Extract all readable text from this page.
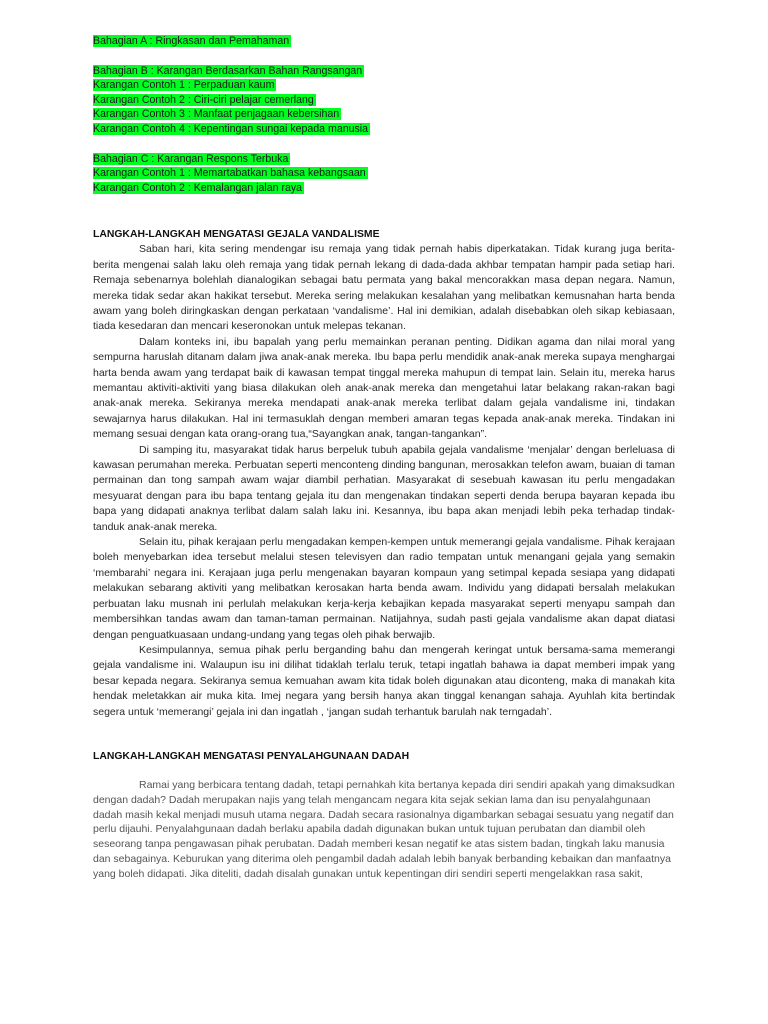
Bahagian A : Ringkasan dan Pemahaman
Bahagian B : Karangan Berdasarkan Bahan Rangsangan
Karangan Contoh 1 : Perpaduan kaum
Karangan Contoh 2 : Ciri-ciri pelajar cemerlang
Karangan Contoh 3 : Manfaat penjagaan kebersihan
Karangan Contoh 4 : Kepentingan sungai kepada manusia
Bahagian C : Karangan Respons Terbuka
Karangan Contoh 1 : Memartabatkan bahasa kebangsaan
Karangan Contoh 2 : Kemalangan jalan raya
LANGKAH-LANGKAH MENGATASI GEJALA VANDALISME

Saban hari, kita sering mendengar isu remaja yang tidak pernah habis diperkatakan. Tidak kurang juga berita-berita mengenai salah laku oleh remaja yang tidak pernah lekang di dada-dada akhbar tempatan hampir pada setiap hari. Remaja sebenarnya bolehlah dianalogikan sebagai batu permata yang bakal mencorakkan masa depan negara. Namun, mereka tidak sedar akan hakikat tersebut. Mereka sering melakukan kesalahan yang melibatkan kemusnahan harta benda awam yang boleh diringkaskan dengan perkataan ‘vandalisme’. Hal ini demikian, adalah disebabkan oleh sikap kebiasaan, tiada kesedaran dan mencari keseronokan untuk melepas tekanan.

Dalam konteks ini, ibu bapalah yang perlu memainkan peranan penting. Didikan agama dan nilai moral yang sempurna haruslah ditanam dalam jiwa anak-anak mereka. Ibu bapa perlu mendidik anak-anak mereka supaya menghargai harta benda awam yang terdapat baik di kawasan tempat tinggal mereka mahupun di tempat lain. Selain itu, mereka harus memantau aktiviti-aktiviti yang biasa dilakukan oleh anak-anak mereka dan mengetahui latar belakang rakan-rakan bagi anak-anak mereka. Sekiranya mereka mendapati anak-anak mereka terlibat dalam gejala vandalisme ini, tindakan sewajarnya harus dilakukan. Hal ini termasuklah dengan memberi amaran tegas kepada anak-anak mereka. Tindakan ini memang sesuai dengan kata orang-orang tua,“Sayangkan anak, tangan-tangankan”.

Di samping itu, masyarakat tidak harus berpeluk tubuh apabila gejala vandalisme ‘menjalar’ dengan berleluasa di kawasan perumahan mereka. Perbuatan seperti menconteng dinding bangunan, merosakkan telefon awam, buaian di taman permainan dan tong sampah awam wajar diambil perhatian. Masyarakat di sesebuah kawasan itu perlu mengadakan mesyuarat dengan para ibu bapa tentang gejala itu dan mengenakan tindakan seperti denda berupa bayaran kepada ibu bapa yang didapati anaknya terlibat dalam salah laku ini. Kesannya, ibu bapa akan menjadi lebih peka terhadap tindak-tanduk anak-anak mereka.

Selain itu, pihak kerajaan perlu mengadakan kempen-kempen untuk memerangi gejala vandalisme. Pihak kerajaan boleh menyebarkan idea tersebut melalui stesen televisyen dan radio tempatan untuk menangani gejala yang semakin ‘membarahi’ negara ini. Kerajaan juga perlu mengenakan bayaran kompaun yang setimpal kepada sesiapa yang didapati melakukan sebarang aktiviti yang melibatkan kerosakan harta benda awam. Individu yang didapati bersalah melakukan perbuatan laku musnah ini perlulah melakukan kerja-kerja kebajikan kepada masyarakat seperti menyapu sampah dan membersihkan tandas awam dan taman-taman permainan. Natijahnya, sudah pasti gejala vandalisme akan dapat diatasi dengan penguatkuasaan undang-undang yang tegas oleh pihak berwajib.

Kesimpulannya, semua pihak perlu berganding bahu dan mengerah keringat untuk bersama-sama memerangi gejala vandalisme ini. Walaupun isu ini dilihat tidaklah terlalu teruk, tetapi ingatlah bahawa ia dapat memberi impak yang besar kepada negara. Sekiranya semua kemuahan awam kita tidak boleh digunakan atau diconteng, maka di manakah kita hendak meletakkan air muka kita. Imej negara yang bersih hanya akan tinggal kenangan sahaja. Ayuhlah kita bertindak segera untuk ‘memerangi’ gejala ini dan ingatlah , ‘jangan sudah terhantuk barulah nak terngadah’.

LANGKAH-LANGKAH MENGATASI PENYALAHGUNAAN DADAH

Ramai yang berbicara tentang dadah, tetapi pernahkah kita bertanya kepada diri sendiri apakah yang dimaksudkan dengan dadah? Dadah merupakan najis yang telah mengancam negara kita sejak sekian lama dan isu penyalahgunaan dadah masih kekal menjadi musuh utama negara. Dadah secara rasionalnya digambarkan sebagai sesuatu yang negatif dan perlu dijauhi. Penyalahgunaan dadah berlaku apabila dadah digunakan bukan untuk tujuan perubatan dan diambil oleh seseorang tanpa pengawasan pihak perubatan. Dadah memberi kesan negatif ke atas sistem badan, tingkah laku manusia dan sebagainya. Keburukan yang diterima oleh pengambil dadah adalah lebih banyak berbanding kebaikan dan manfaatnya yang boleh didapati. Jika diteliti, dadah disalah gunakan untuk kepentingan diri sendiri seperti mengelakkan rasa sakit,
